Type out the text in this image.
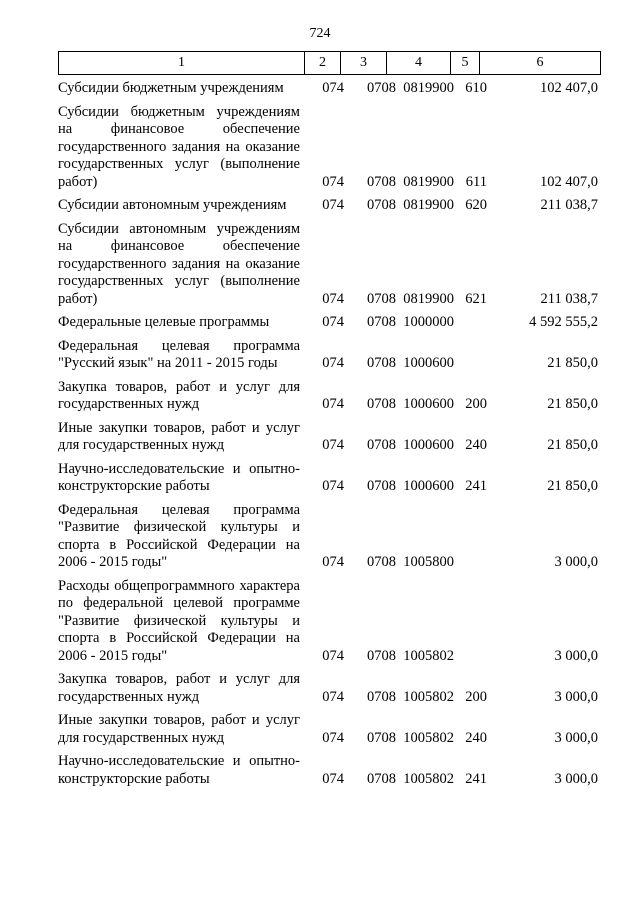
724
1	2	3	4	5	6
Субсидии бюджетным учреждениям	074	0708 0819900 610	102 407,0
Субсидии бюджетным учреждениям на финансовое обеспечение государственного задания на оказание государственных услуг (выполнение работ)	074	0708 0819900 611	102 407,0
Субсидии автономным учреждениям	074	0708 0819900 620	211 038,7
Субсидии автономным учреждениям на финансовое обеспечение государственного задания на оказание государственных услуг (выполнение работ)	074	0708 0819900 621	211 038,7
Федеральные целевые программы	074	0708 1000000	4 592 555,2
Федеральная целевая программа "Русский язык" на 2011 - 2015 годы	074	0708 1000600	21 850,0
Закупка товаров, работ и услуг для государственных нужд	074	0708 1000600 200	21 850,0
Иные закупки товаров, работ и услуг для государственных нужд	074	0708 1000600 240	21 850,0
Научно-исследовательские и опытно-конструкторские работы	074	0708 1000600 241	21 850,0
Федеральная целевая программа "Развитие физической культуры и спорта в Российской Федерации на 2006 - 2015 годы"	074	0708 1005800	3 000,0
Расходы общепрограммного характера по федеральной целевой программе "Развитие физической культуры и спорта в Российской Федерации на 2006 - 2015 годы"	074	0708 1005802	3 000,0
Закупка товаров, работ и услуг для государственных нужд	074	0708 1005802 200	3 000,0
Иные закупки товаров, работ и услуг для государственных нужд	074	0708 1005802 240	3 000,0
Научно-исследовательские и опытно-конструкторские работы	074	0708 1005802 241	3 000,0
